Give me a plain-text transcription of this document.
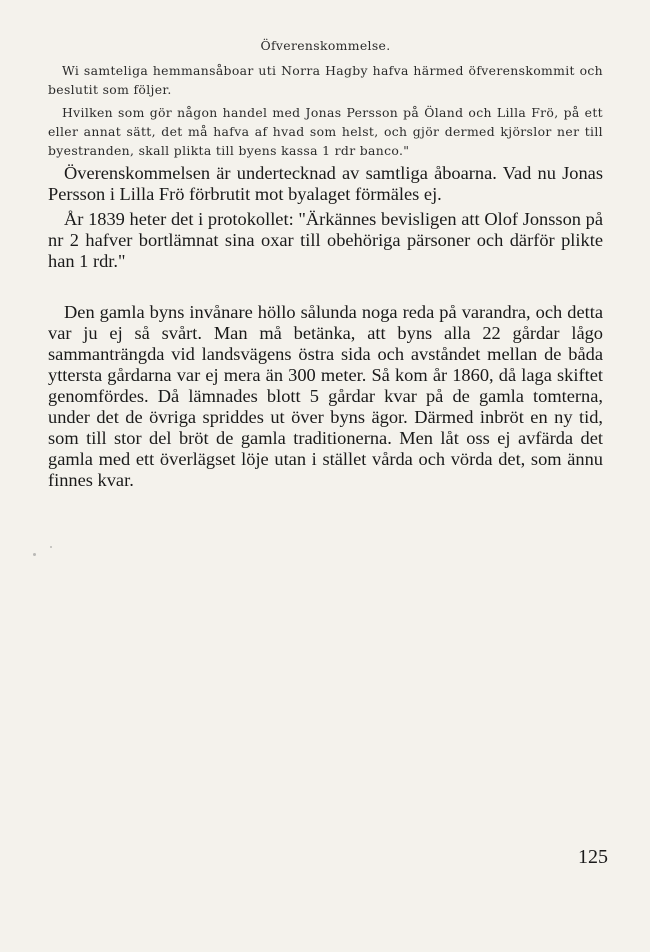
Öfverenskommelse.

Wi samteliga hemmansåboar uti Norra Hagby hafva härmed öfverenskommit och beslutit som följer.

Hvilken som gör någon handel med Jonas Persson på Öland och Lilla Frö, på ett eller annat sätt, det må hafva af hvad som helst, och gjör dermed kjörslor ner till byestranden, skall plikta till byens kassa 1 rdr banco."

Överenskommelsen är undertecknad av samtliga åboarna. Vad nu Jonas Persson i Lilla Frö förbrutit mot byalaget förmäles ej.

År 1839 heter det i protokollet: "Ärkännes bevisligen att Olof Jonsson på nr 2 hafver bortlämnat sina oxar till obehöriga pärsoner och därför plikte han 1 rdr."

Den gamla byns invånare höllo sålunda noga reda på varandra, och detta var ju ej så svårt. Man må betänka, att byns alla 22 gårdar lågo sammanträngda vid landsvägens östra sida och avståndet mellan de båda yttersta gårdarna var ej mera än 300 meter. Så kom år 1860, då laga skiftet genomfördes. Då lämnades blott 5 gårdar kvar på de gamla tomterna, under det de övriga spriddes ut över byns ägor. Därmed inbröt en ny tid, som till stor del bröt de gamla traditionerna. Men låt oss ej avfärda det gamla med ett överlägset löje utan i stället vårda och vörda det, som ännu finnes kvar.

125
